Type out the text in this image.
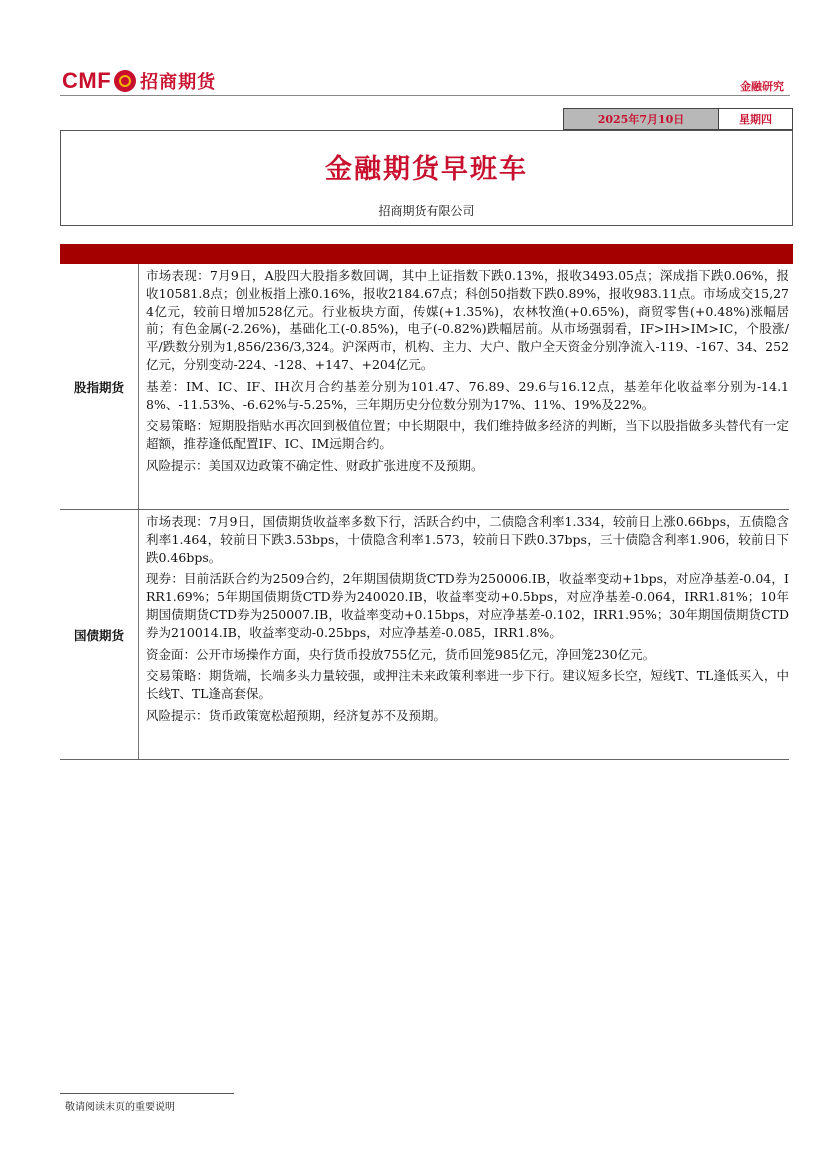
CMF 招商期货	金融研究
2025年7月10日	星期四
金融期货早班车
招商期货有限公司
股指期货
市场表现：7月9日，A股四大股指多数回调，其中上证指数下跌0.13%，报收3493.05点；深成指下跌0.06%，报收10581.8点；创业板指上涨0.16%，报收2184.67点；科创50指数下跌0.89%，报收983.11点。市场成交15,274亿元，较前日增加528亿元。行业板块方面，传媒(+1.35%)，农林牧渔(+0.65%)，商贸零售(+0.48%)涨幅居前；有色金属(-2.26%)，基础化工(-0.85%)，电子(-0.82%)跌幅居前。从市场强弱看，IF>IH>IM>IC，个股涨/平/跌数分别为1,856/236/3,324。沪深两市，机构、主力、大户、散户全天资金分别净流入-119、-167、34、252亿元，分别变动-224、-128、+147、+204亿元。
基差：IM、IC、IF、IH次月合约基差分别为101.47、76.89、29.6与16.12点，基差年化收益率分别为-14.18%、-11.53%、-6.62%与-5.25%，三年期历史分位数分别为17%、11%、19%及22%。
交易策略：短期股指贴水再次回到极值位置；中长期限中，我们维持做多经济的判断，当下以股指做多头替代有一定超额，推荐逢低配置IF、IC、IM远期合约。
风险提示：美国双边政策不确定性、财政扩张进度不及预期。
国债期货
市场表现：7月9日，国债期货收益率多数下行，活跃合约中，二债隐含利率1.334，较前日上涨0.66bps，五债隐含利率1.464，较前日下跌3.53bps，十债隐含利率1.573，较前日下跌0.37bps，三十债隐含利率1.906，较前日下跌0.46bps。
现券：目前活跃合约为2509合约，2年期国债期货CTD券为250006.IB，收益率变动+1bps，对应净基差-0.04，IRR1.69%；5年期国债期货CTD券为240020.IB，收益率变动+0.5bps，对应净基差-0.064，IRR1.81%；10年期国债期货CTD券为250007.IB，收益率变动+0.15bps，对应净基差-0.102，IRR1.95%；30年期国债期货CTD券为210014.IB，收益率变动-0.25bps，对应净基差-0.085，IRR1.8%。
资金面：公开市场操作方面，央行货币投放755亿元，货币回笼985亿元，净回笼230亿元。
交易策略：期货端，长端多头力量较强，或押注未来政策利率进一步下行。建议短多长空，短线T、TL逢低买入，中长线T、TL逢高套保。
风险提示：货币政策宽松超预期，经济复苏不及预期。
敬请阅读末页的重要说明
